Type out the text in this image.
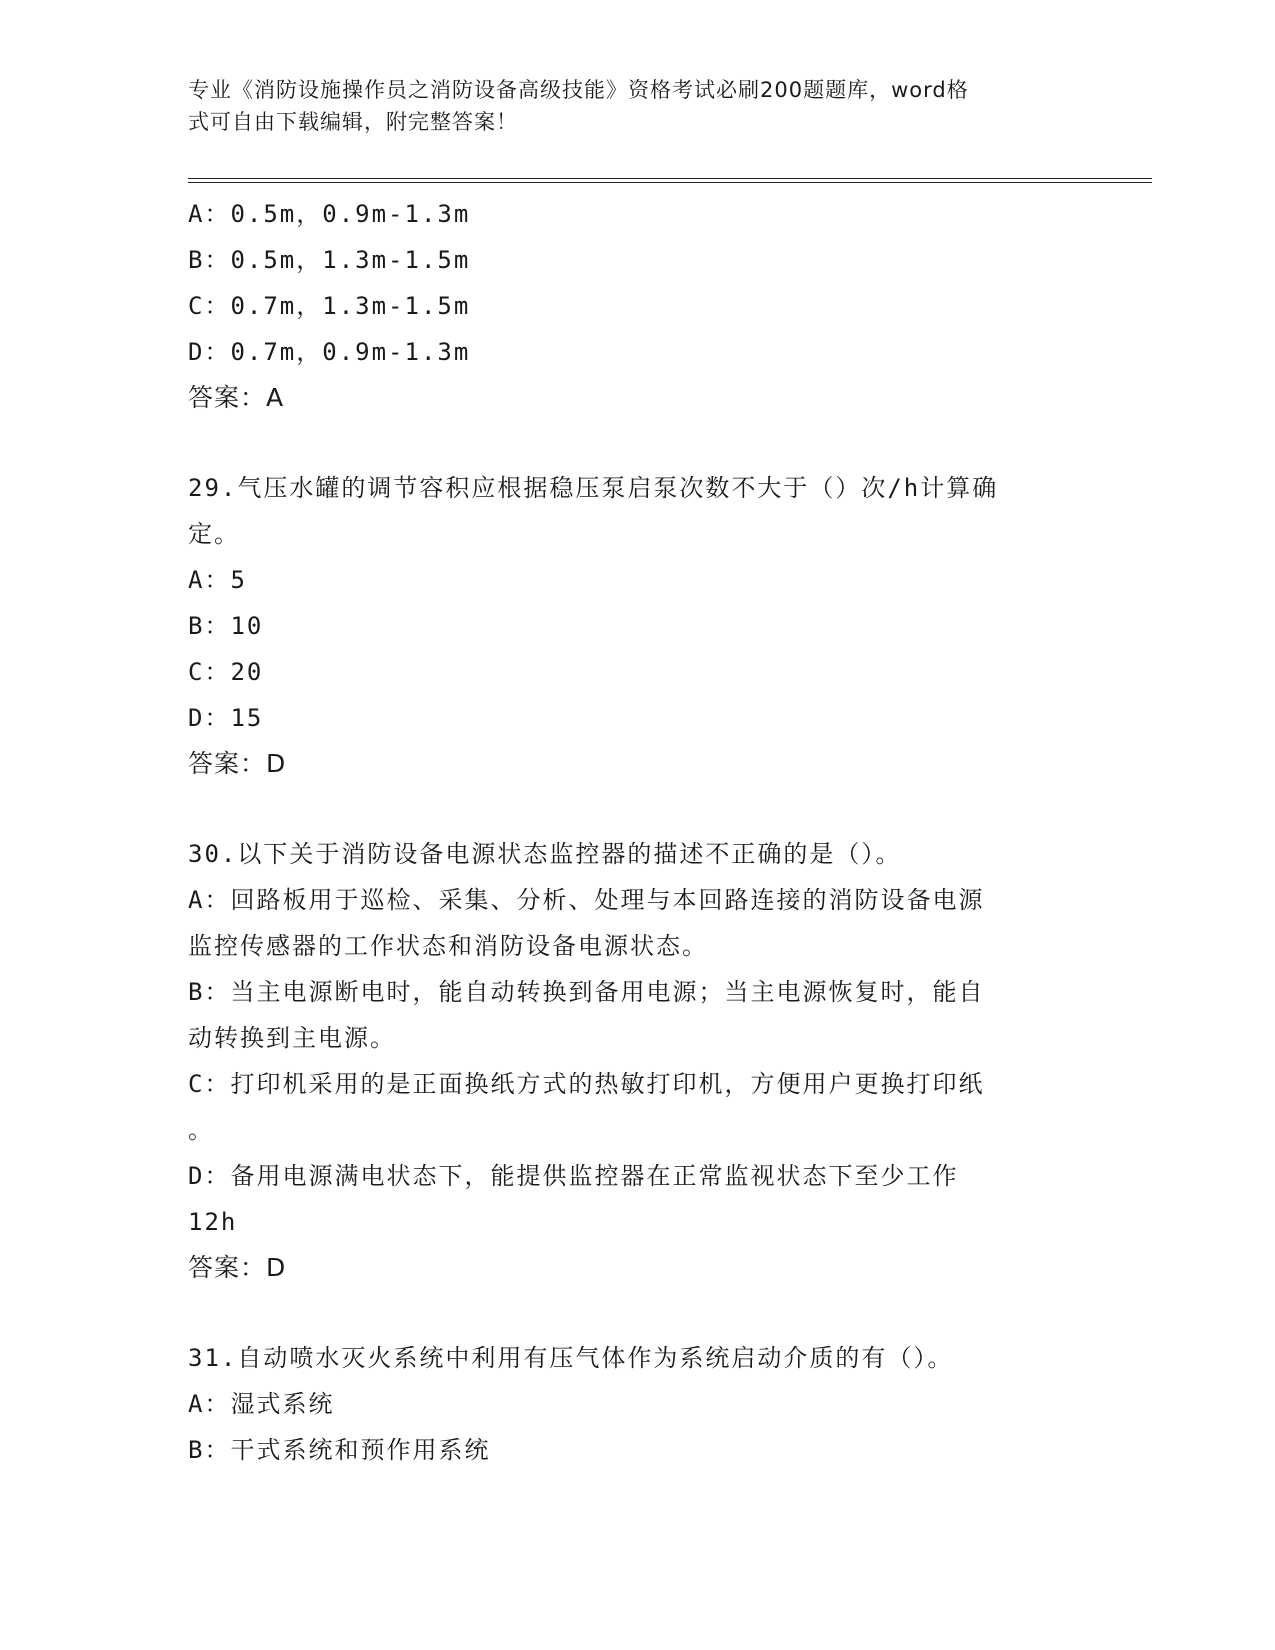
专业《消防设施操作员之消防设备高级技能》资格考试必刷200题题库，word格
式可自由下载编辑，附完整答案！
A：0.5m，0.9m-1.3m
B：0.5m，1.3m-1.5m
C：0.7m，1.3m-1.5m
D：0.7m，0.9m-1.3m
答案：A
29.气压水罐的调节容积应根据稳压泵启泵次数不大于（）次/h计算确
定。
A：5
B：10
C：20
D：15
答案：D
30.以下关于消防设备电源状态监控器的描述不正确的是（）。
A：回路板用于巡检、采集、分析、处理与本回路连接的消防设备电源
监控传感器的工作状态和消防设备电源状态。
B：当主电源断电时，能自动转换到备用电源；当主电源恢复时，能自
动转换到主电源。
C：打印机采用的是正面换纸方式的热敏打印机，方便用户更换打印纸
。
D：备用电源满电状态下，能提供监控器在正常监视状态下至少工作
12h
答案：D
31.自动喷水灭火系统中利用有压气体作为系统启动介质的有（）。
A：湿式系统
B：干式系统和预作用系统
